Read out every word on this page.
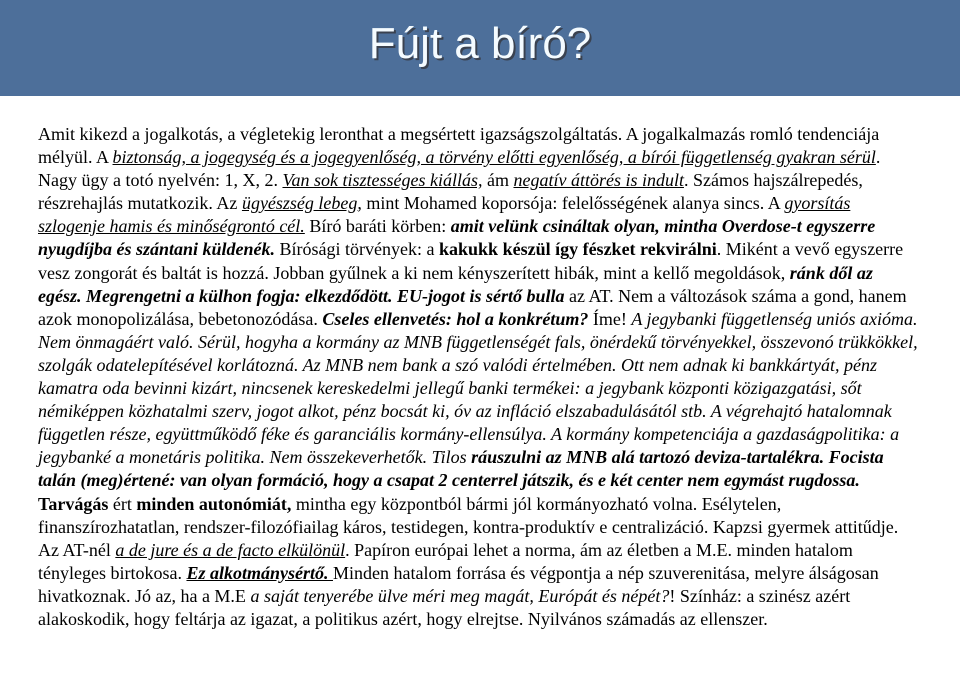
Fújt a bíró?

Amit kikezd a jogalkotás, a végletekig leronthat a megsértett igazságszolgáltatás. A jogalkalmazás romló tendenciája mélyül. A biztonság, a jogegység és a jogegyenlőség, a törvény előtti egyenlőség, a bírói függetlenség gyakran sérül. Nagy ügy a totó nyelvén: 1, X, 2. Van sok tisztességes kiállás, ám negatív áttörés is indult. Számos hajszálrepedés, részrehajlás mutatkozik. Az ügyészség lebeg, mint Mohamed koporsója: felelősségének alanya sincs. A gyorsítás szlogenje hamis és minőségrontó cél. Bíró baráti körben: amit velünk csináltak olyan, mintha Overdose-t egyszerre nyugdíjba és szántani küldenék. Bírósági törvények: a kakukk készül így fészket rekvirálni. Miként a vevő egyszerre vesz zongorát és baltát is hozzá. Jobban gyűlnek a ki nem kényszerített hibák, mint a kellő megoldások, ránk dől az egész. Megrengetni a külhon fogja: elkezdődött. EU-jogot is sértő bulla az AT. Nem a változások száma a gond, hanem azok monopolizálása, bebetonozódása. Cseles ellenvetés: hol a konkrétum? Íme! A jegybanki függetlenség uniós axióma. Nem önmagáért való. Sérül, hogyha a kormány az MNB függetlenségét fals, önérdekű törvényekkel, összevonó trükkökkel, szolgák odatelepítésével korlátozná. Az MNB nem bank a szó valódi értelmében. Ott nem adnak ki bankkártyát, pénz kamatra oda bevinni kizárt, nincsenek kereskedelmi jellegű banki termékei: a jegybank központi közigazgatási, sőt némiképpen közhatalmi szerv, jogot alkot, pénz bocsát ki, óv az infláció elszabadulásától stb. A végrehajtó hatalomnak független része, együttműködő féke és garanciális kormány-ellensúlya. A kormány kompetenciája a gazdaságpolitika: a jegybanké a monetáris politika. Nem összekeverhetők. Tilos ráuszulni az MNB alá tartozó deviza-tartalékra. Focista talán (meg)értené: van olyan formáció, hogy a csapat 2 centerrel játszik, és e két center nem egymást rugdossa. Tarvágás ért minden autonómiát, mintha egy központból bármi jól kormányozható volna. Esélytelen, finanszírozhatatlan, rendszer-filozófiailag káros, testidegen, kontra-produktív e centralizáció. Kapzsi gyermek attitűdje. Az AT-nél a de jure és a de facto elkülönül. Papíron európai lehet a norma, ám az életben a M.E. minden hatalom tényleges birtokosa. Ez alkotmánysértő. Minden hatalom forrása és végpontja a nép szuverenitása, melyre álságosan hivatkoznak. Jó az, ha a M.E a saját tenyerébe ülve méri meg magát, Európát és népét?! Színház: a szinész azért alakoskodik, hogy feltárja az igazat, a politikus azért, hogy elrejtse. Nyilvános számadás az ellenszer.
